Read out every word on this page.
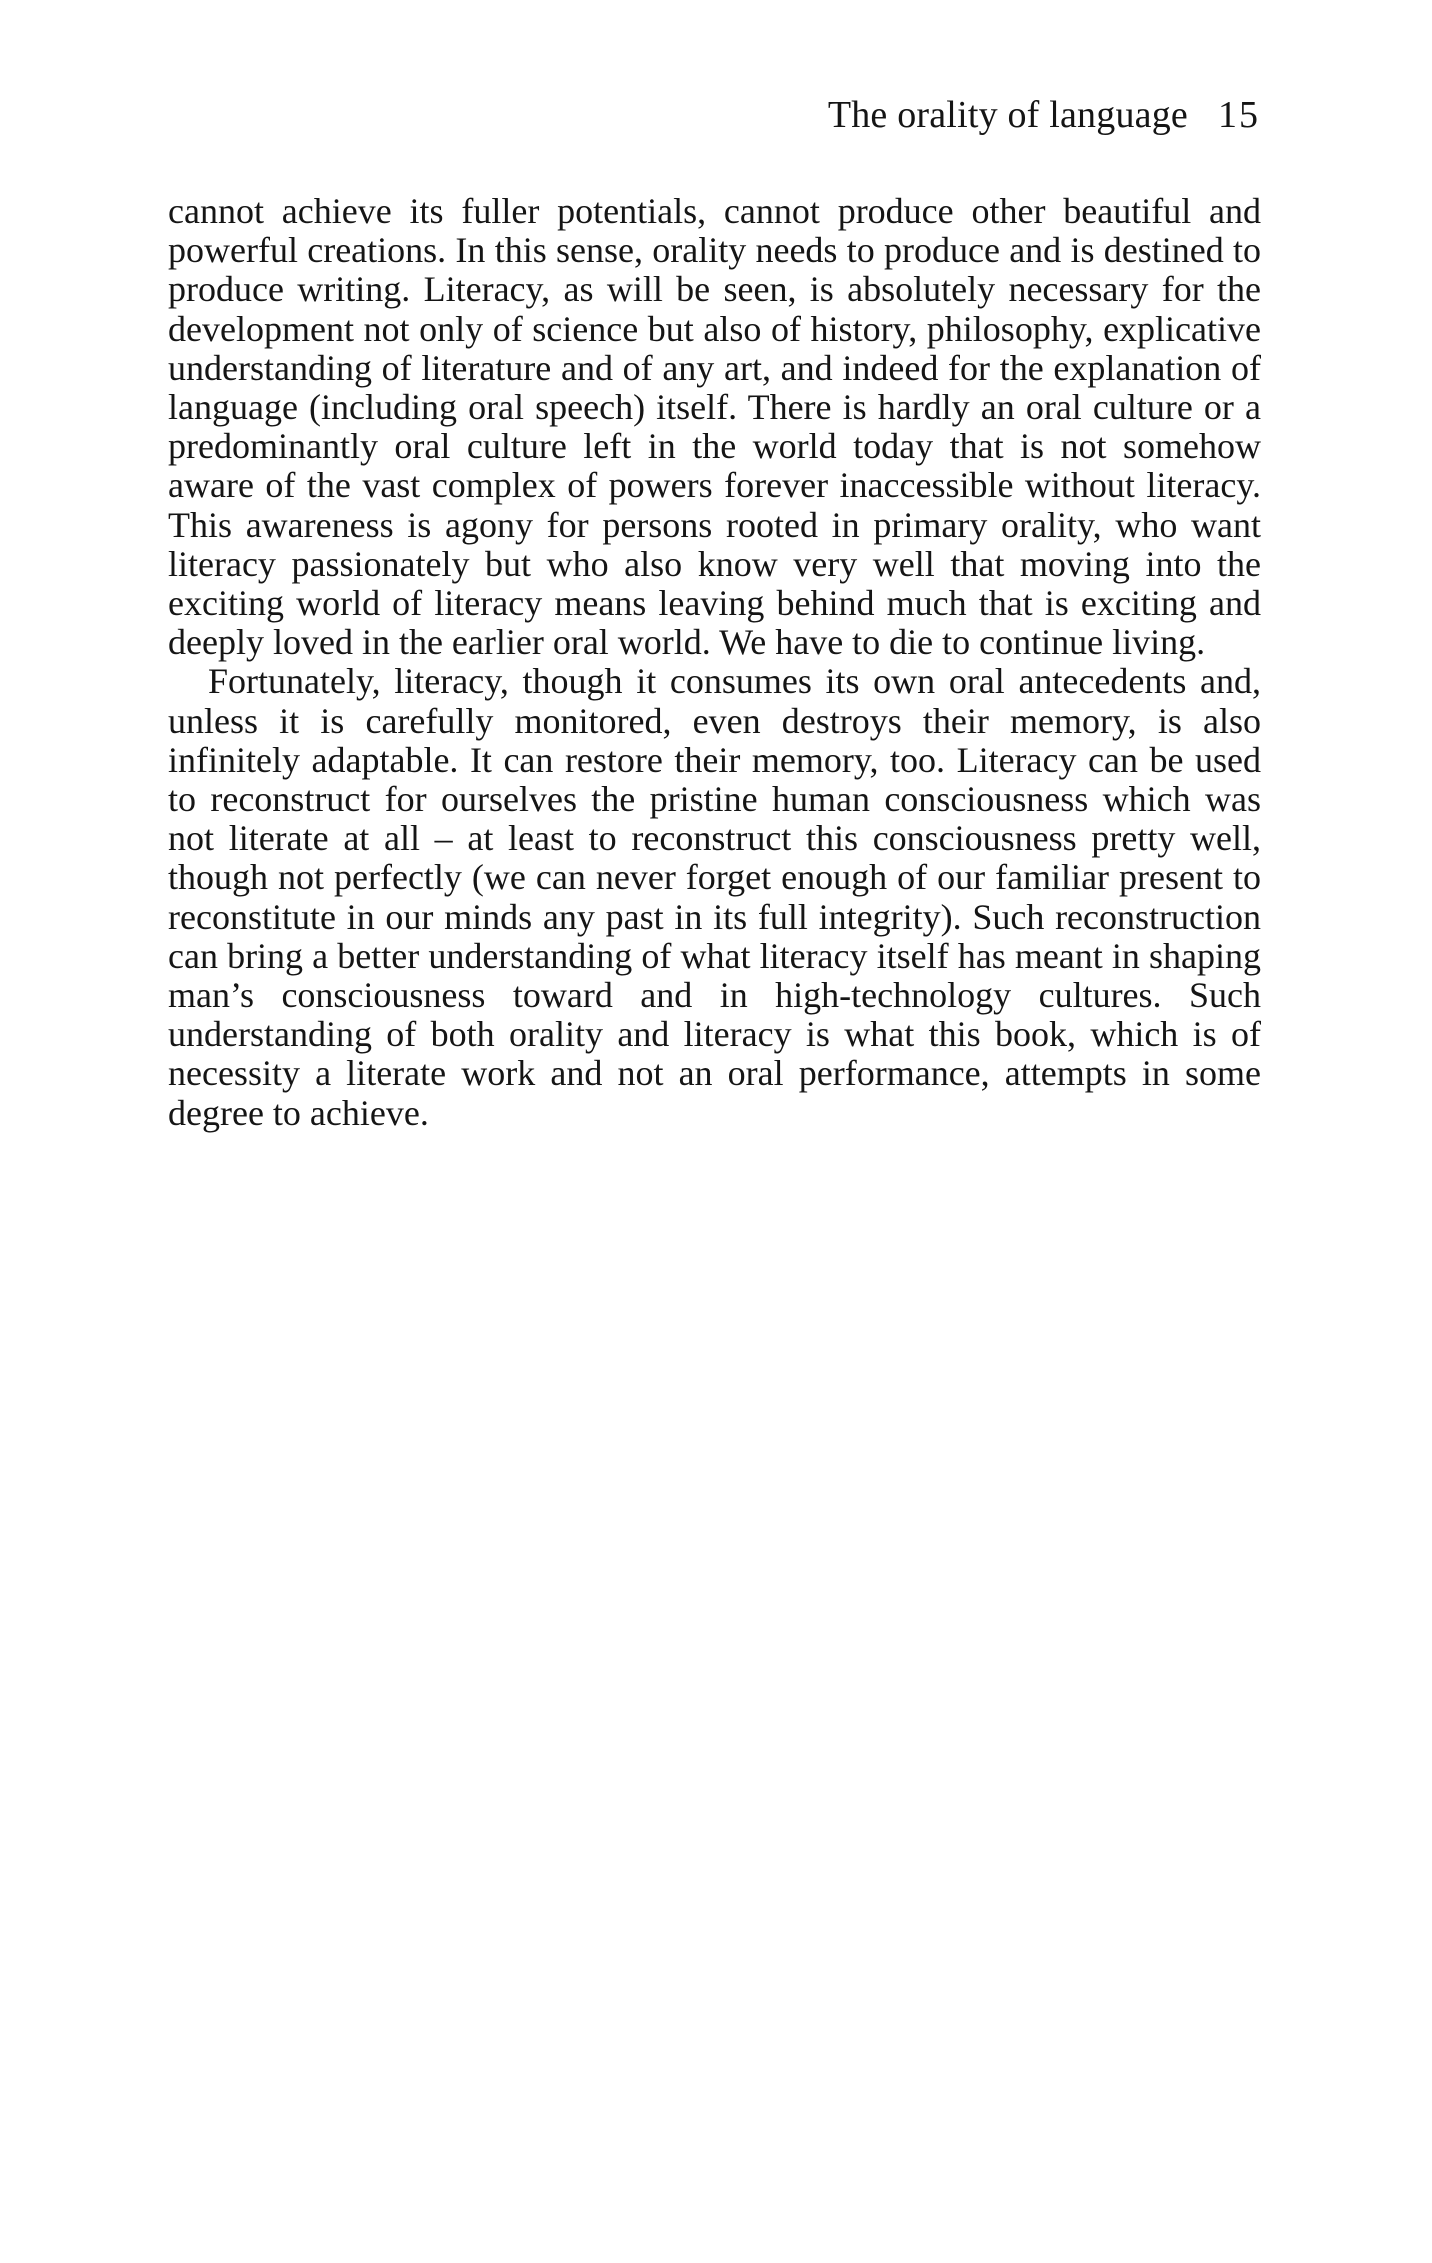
The orality of language 15

cannot achieve its fuller potentials, cannot produce other beautiful and powerful creations. In this sense, orality needs to produce and is destined to produce writing. Literacy, as will be seen, is absolutely necessary for the development not only of science but also of history, philosophy, explicative understanding of literature and of any art, and indeed for the explanation of language (including oral speech) itself. There is hardly an oral culture or a predominantly oral culture left in the world today that is not somehow aware of the vast complex of powers forever inaccessible without literacy. This awareness is agony for persons rooted in primary orality, who want literacy passionately but who also know very well that moving into the exciting world of literacy means leaving behind much that is exciting and deeply loved in the earlier oral world. We have to die to continue living.

Fortunately, literacy, though it consumes its own oral antecedents and, unless it is carefully monitored, even destroys their memory, is also infinitely adaptable. It can restore their memory, too. Literacy can be used to reconstruct for ourselves the pristine human consciousness which was not literate at all – at least to reconstruct this consciousness pretty well, though not perfectly (we can never forget enough of our familiar present to reconstitute in our minds any past in its full integrity). Such reconstruction can bring a better understanding of what literacy itself has meant in shaping man’s consciousness toward and in high-technology cultures. Such understanding of both orality and literacy is what this book, which is of necessity a literate work and not an oral performance, attempts in some degree to achieve.
